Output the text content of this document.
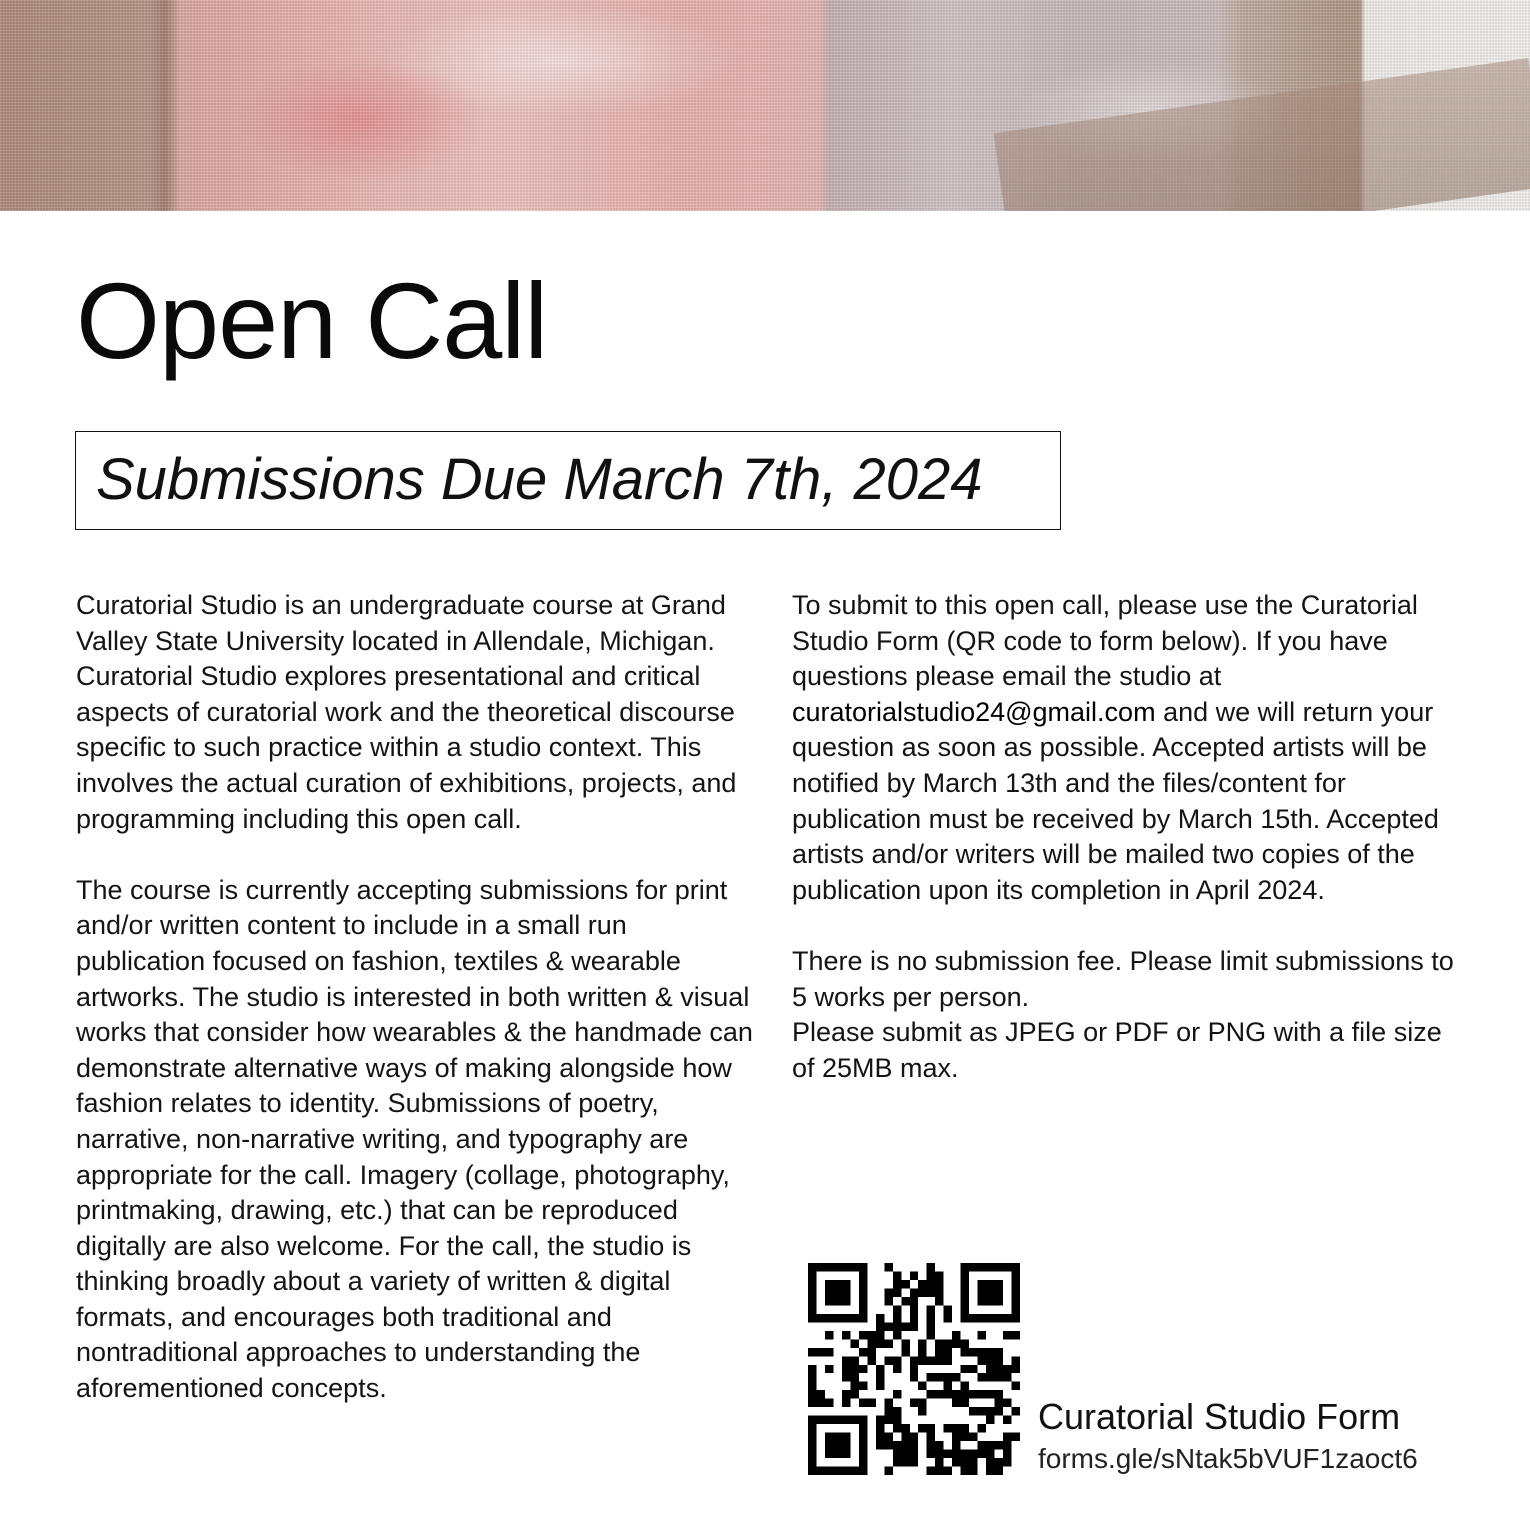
Open Call

Submissions Due March 7th, 2024

Curatorial Studio is an undergraduate course at Grand Valley State University located in Allendale, Michigan. Curatorial Studio explores presentational and critical aspects of curatorial work and the theoretical discourse specific to such practice within a studio context. This involves the actual curation of exhibitions, projects, and programming including this open call.

The course is currently accepting submissions for print and/or written content to include in a small run publication focused on fashion, textiles & wearable artworks. The studio is interested in both written & visual works that consider how wearables & the handmade can demonstrate alternative ways of making alongside how fashion relates to identity. Submissions of poetry, narrative, non-narrative writing, and typography are appropriate for the call. Imagery (collage, photography, printmaking, drawing, etc.) that can be reproduced digitally are also welcome. For the call, the studio is thinking broadly about a variety of written & digital formats, and encourages both traditional and nontraditional approaches to understanding the aforementioned concepts.

To submit to this open call, please use the Curatorial Studio Form (QR code to form below). If you have questions please email the studio at curatorialstudio24@gmail.com and we will return your question as soon as possible. Accepted artists will be notified by March 13th and the files/content for publication must be received by March 15th. Accepted artists and/or writers will be mailed two copies of the publication upon its completion in April 2024.

There is no submission fee. Please limit submissions to 5 works per person.
Please submit as JPEG or PDF or PNG with a file size of 25MB max.

Curatorial Studio Form
forms.gle/sNtak5bVUF1zaoct6
